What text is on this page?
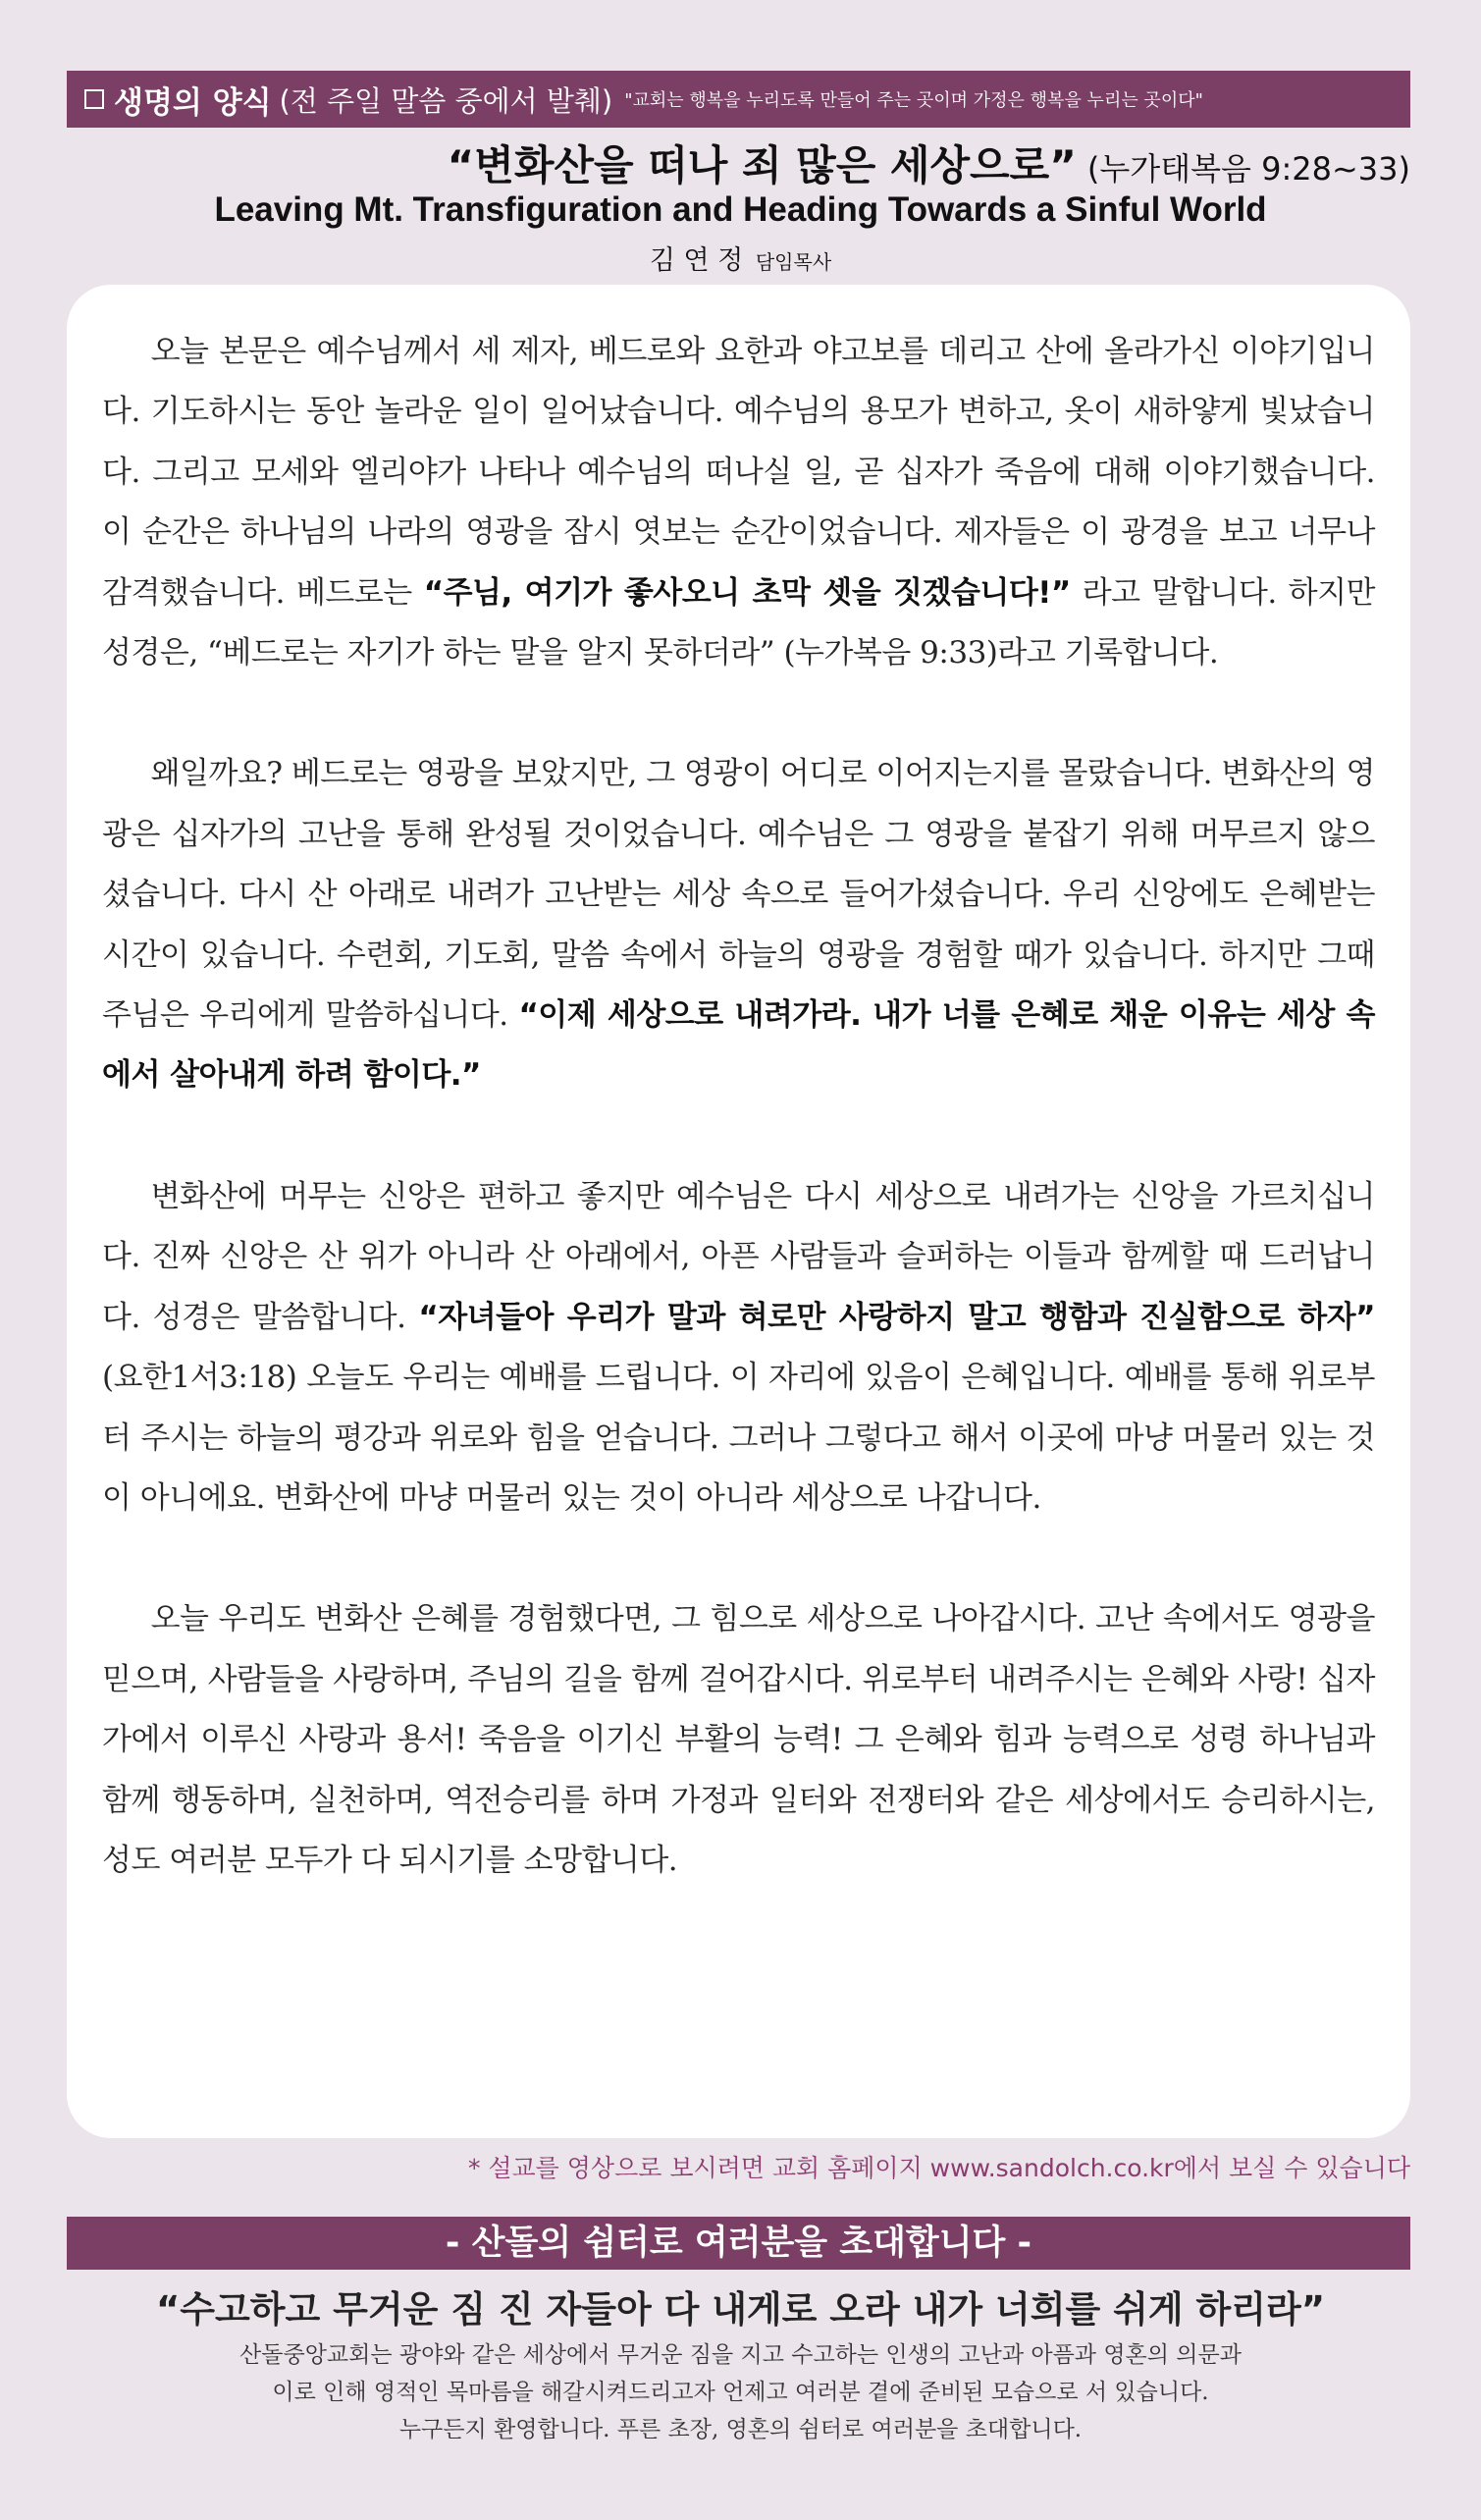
생명의 양식 (전 주일 말씀 중에서 발췌) "교회는 행복을 누리도록 만들어 주는 곳이며 가정은 행복을 누리는 곳이다"
“변화산을 떠나 죄 많은 세상으로” (누가태복음 9:28~33)
Leaving Mt. Transfiguration and Heading Towards a Sinful World
김 연 정 담임목사

오늘 본문은 예수님께서 세 제자, 베드로와 요한과 야고보를 데리고 산에 올라가신 이야기입니다. 기도하시는 동안 놀라운 일이 일어났습니다. 예수님의 용모가 변하고, 옷이 새하얗게 빛났습니다. 그리고 모세와 엘리야가 나타나 예수님의 떠나실 일, 곧 십자가 죽음에 대해 이야기했습니다. 이 순간은 하나님의 나라의 영광을 잠시 엿보는 순간이었습니다. 제자들은 이 광경을 보고 너무나 감격했습니다. 베드로는 “주님, 여기가 좋사오니 초막 셋을 짓겠습니다!” 라고 말합니다. 하지만 성경은, “베드로는 자기가 하는 말을 알지 못하더라” (누가복음 9:33)라고 기록합니다.

왜일까요? 베드로는 영광을 보았지만, 그 영광이 어디로 이어지는지를 몰랐습니다. 변화산의 영광은 십자가의 고난을 통해 완성될 것이었습니다. 예수님은 그 영광을 붙잡기 위해 머무르지 않으셨습니다. 다시 산 아래로 내려가 고난받는 세상 속으로 들어가셨습니다. 우리 신앙에도 은혜받는 시간이 있습니다. 수련회, 기도회, 말씀 속에서 하늘의 영광을 경험할 때가 있습니다. 하지만 그때 주님은 우리에게 말씀하십니다. “이제 세상으로 내려가라. 내가 너를 은혜로 채운 이유는 세상 속에서 살아내게 하려 함이다.”

변화산에 머무는 신앙은 편하고 좋지만 예수님은 다시 세상으로 내려가는 신앙을 가르치십니다. 진짜 신앙은 산 위가 아니라 산 아래에서, 아픈 사람들과 슬퍼하는 이들과 함께할 때 드러납니다. 성경은 말씀합니다. “자녀들아 우리가 말과 혀로만 사랑하지 말고 행함과 진실함으로 하자” (요한1서3:18) 오늘도 우리는 예배를 드립니다. 이 자리에 있음이 은혜입니다. 예배를 통해 위로부터 주시는 하늘의 평강과 위로와 힘을 얻습니다. 그러나 그렇다고 해서 이곳에 마냥 머물러 있는 것이 아니에요. 변화산에 마냥 머물러 있는 것이 아니라 세상으로 나갑니다.

오늘 우리도 변화산 은혜를 경험했다면, 그 힘으로 세상으로 나아갑시다. 고난 속에서도 영광을 믿으며, 사람들을 사랑하며, 주님의 길을 함께 걸어갑시다. 위로부터 내려주시는 은혜와 사랑! 십자가에서 이루신 사랑과 용서! 죽음을 이기신 부활의 능력! 그 은혜와 힘과 능력으로 성령 하나님과 함께 행동하며, 실천하며, 역전승리를 하며 가정과 일터와 전쟁터와 같은 세상에서도 승리하시는, 성도 여러분 모두가 다 되시기를 소망합니다.

* 설교를 영상으로 보시려면 교회 홈페이지 www.sandolch.co.kr에서 보실 수 있습니다
- 산돌의 쉼터로 여러분을 초대합니다 -
“수고하고 무거운 짐 진 자들아 다 내게로 오라 내가 너희를 쉬게 하리라”
산돌중앙교회는 광야와 같은 세상에서 무거운 짐을 지고 수고하는 인생의 고난과 아픔과 영혼의 의문과
이로 인해 영적인 목마름을 해갈시켜드리고자 언제고 여러분 곁에 준비된 모습으로 서 있습니다.
누구든지 환영합니다. 푸른 초장, 영혼의 쉼터로 여러분을 초대합니다.
